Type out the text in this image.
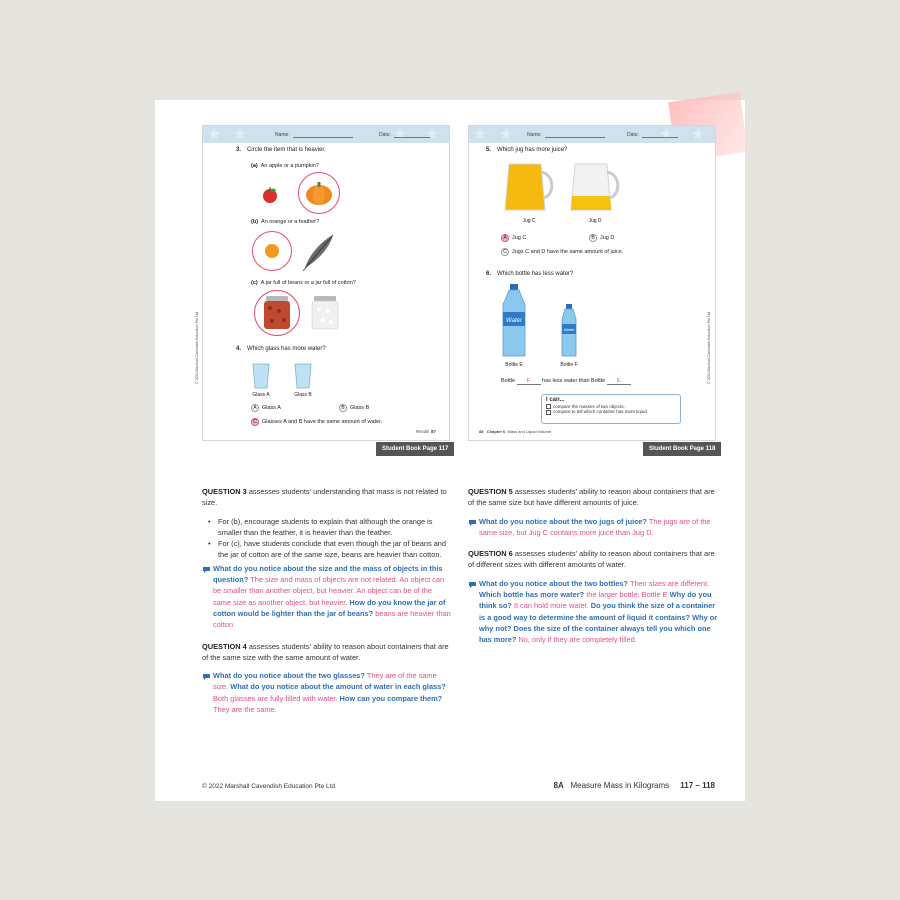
★ ★	★ ★
Name:	Date:
3. Circle the item that is heavier.
(a) An apple or a pumpkin?
(b) An orange or a feather?
(c) A jar full of beans or a jar full of cotton?
4. Which glass has more water?
Glass A	Glass B
A Glass A	B Glass B
C Glasses A and B have the same amount of water.
© 2022 Marshall Cavendish Education Pte Ltd
Recall 87
Student Book Page 117
★ ★	★ ★
Name:	Date:
5. Which jug has more juice?
Jug C	Jug D
A Jug C	B Jug D
C Jugs C and D have the same amount of juice.
6. Which bottle has less water?
Water
Water
Bottle E	Bottle F
Bottle F has less water than Bottle E
I can...
compare the masses of two objects.
compare to tell which container has more liquid.
© 2022 Marshall Cavendish Education Pte Ltd
88 Chapter 6 Mass and Liquid Volume
Student Book Page 118

QUESTION 3 assesses students' understanding that mass is not related to size.

• For (b), encourage students to explain that although the orange is smaller than the feather, it is heavier than the feather.
• For (c), have students conclude that even though the jar of beans and the jar of cotton are of the same size, beans are heavier than cotton.
What do you notice about the size and the mass of objects in this question? The size and mass of objects are not related. An object can be smaller than another object, but heavier. An object can be of the same size as another object, but heavier. How do you know the jar of cotton would be lighter than the jar of beans? beans are heavier than cotton

QUESTION 4 assesses students' ability to reason about containers that are of the same size with the same amount of water.

What do you notice about the two glasses? They are of the same size. What do you notice about the amount of water in each glass? Both glasses are fully filled with water. How can you compare them? They are the same.

QUESTION 5 assesses students' ability to reason about containers that are of the same size but have different amounts of juice.

What do you notice about the two jugs of juice? The jugs are of the same size, but Jug C contains more juice than Jug D.

QUESTION 6 assesses students' ability to reason about containers that are of different sizes with different amounts of water.

What do you notice about the two bottles? Their sizes are different. Which bottle has more water? the larger bottle; Bottle E Why do you think so? It can hold more water. Do you think the size of a container is a good way to determine the amount of liquid it contains? Why or why not? Does the size of the container always tell you which one has more? No, only if they are completely filled.
© 2022 Marshall Cavendish Education Pte Ltd	8A Measure Mass in Kilograms 117 – 118
